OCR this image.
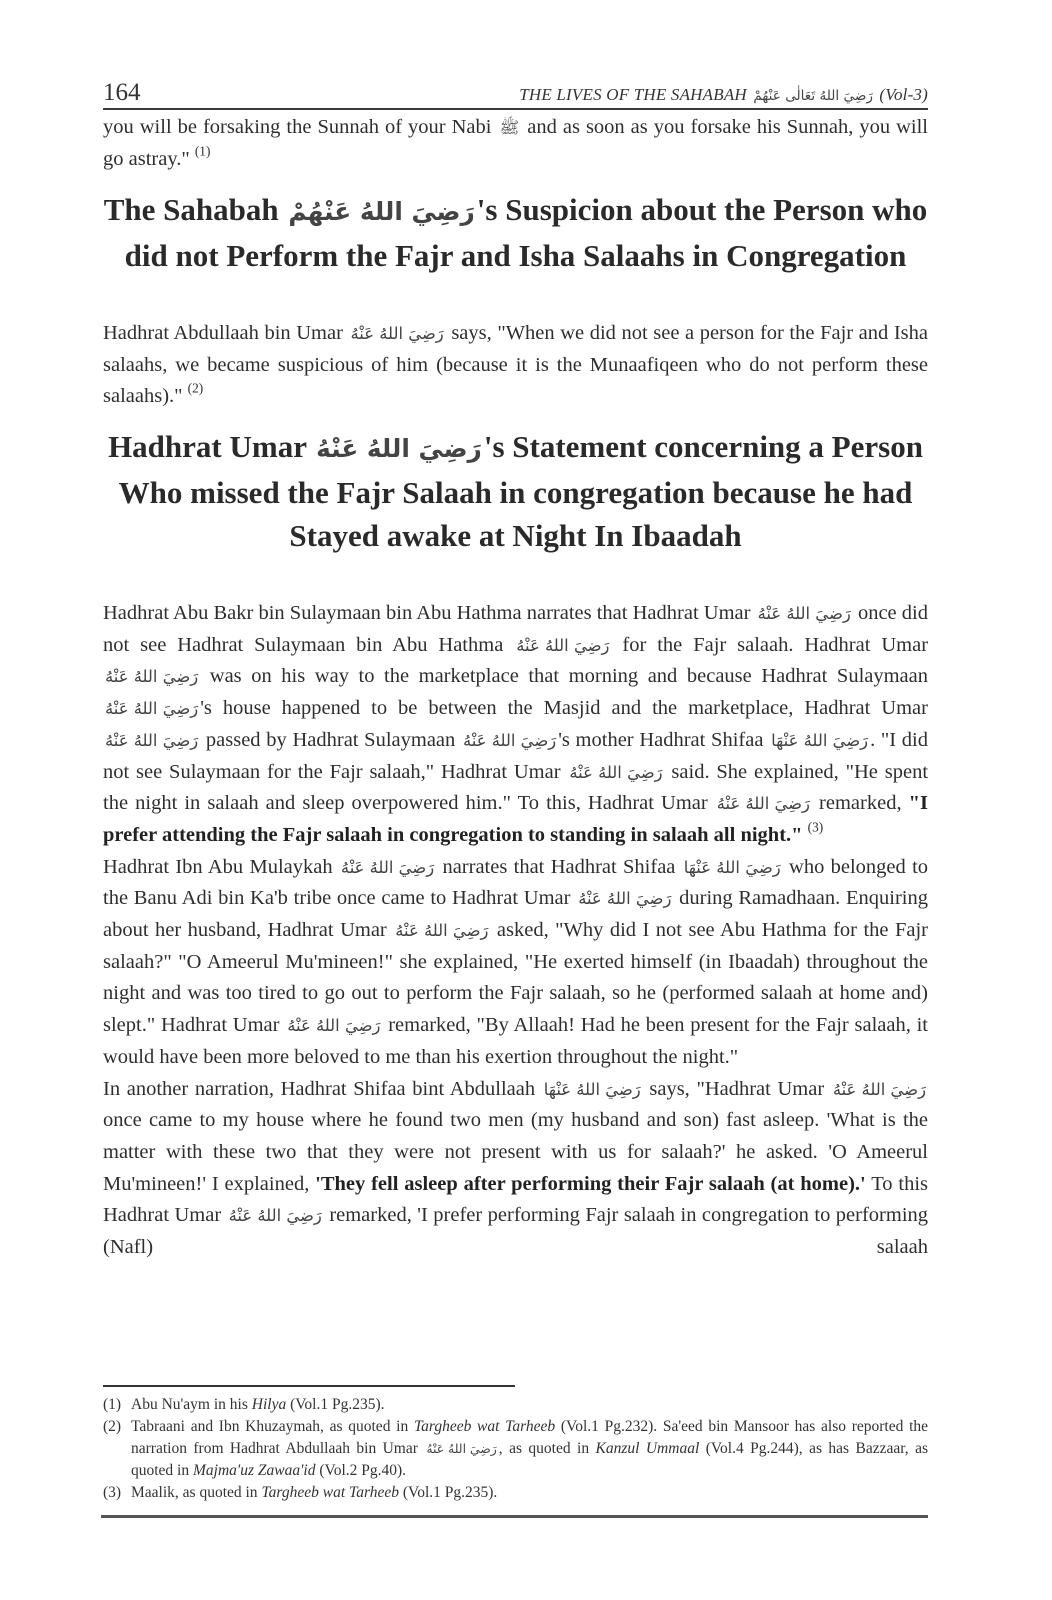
164	THE LIVES OF THE SAHABAH رَضِيَ اللهُ تَعَالٰى عَنْهُمْ (Vol-3)

you will be forsaking the Sunnah of your Nabi ﷺ and as soon as you forsake his Sunnah, you will go astray." $^{(1)}$

The Sahabah رَضِيَ اللهُ عَنْهُمْ's Suspicion about the Person who did not Perform the Fajr and Isha Salaahs in Congregation

Hadhrat Abdullaah bin Umar رَضِيَ اللهُ عَنْهُ says, "When we did not see a person for the Fajr and Isha salaahs, we became suspicious of him (because it is the Munaafiqeen who do not perform these salaahs)." $^{(2)}$

Hadhrat Umar رَضِيَ اللهُ عَنْهُ's Statement concerning a Person Who missed the Fajr Salaah in congregation because he had Stayed awake at Night In Ibaadah

Hadhrat Abu Bakr bin Sulaymaan bin Abu Hathma narrates that Hadhrat Umar رَضِيَ اللهُ عَنْهُ once did not see Hadhrat Sulaymaan bin Abu Hathma رَضِيَ اللهُ عَنْهُ for the Fajr salaah. Hadhrat Umar رَضِيَ اللهُ عَنْهُ was on his way to the marketplace that morning and because Hadhrat Sulaymaan رَضِيَ اللهُ عَنْهُ's house happened to be between the Masjid and the marketplace, Hadhrat Umar رَضِيَ اللهُ عَنْهُ passed by Hadhrat Sulaymaan رَضِيَ اللهُ عَنْهُ's mother Hadhrat Shifaa رَضِيَ اللهُ عَنْهَا. "I did not see Sulaymaan for the Fajr salaah," Hadhrat Umar رَضِيَ اللهُ عَنْهُ said. She explained, "He spent the night in salaah and sleep overpowered him." To this, Hadhrat Umar رَضِيَ اللهُ عَنْهُ remarked, "I prefer attending the Fajr salaah in congregation to standing in salaah all night." $^{(3)}$

Hadhrat Ibn Abu Mulaykah رَضِيَ اللهُ عَنْهُ narrates that Hadhrat Shifaa رَضِيَ اللهُ عَنْهَا who belonged to the Banu Adi bin Ka'b tribe once came to Hadhrat Umar رَضِيَ اللهُ عَنْهُ during Ramadhaan. Enquiring about her husband, Hadhrat Umar رَضِيَ اللهُ عَنْهُ asked, "Why did I not see Abu Hathma for the Fajr salaah?" "O Ameerul Mu'mineen!" she explained, "He exerted himself (in Ibaadah) throughout the night and was too tired to go out to perform the Fajr salaah, so he (performed salaah at home and) slept." Hadhrat Umar رَضِيَ اللهُ عَنْهُ remarked, "By Allaah! Had he been present for the Fajr salaah, it would have been more beloved to me than his exertion throughout the night."

In another narration, Hadhrat Shifaa bint Abdullaah رَضِيَ اللهُ عَنْهَا says, "Hadhrat Umar رَضِيَ اللهُ عَنْهُ once came to my house where he found two men (my husband and son) fast asleep. 'What is the matter with these two that they were not present with us for salaah?' he asked. 'O Ameerul Mu'mineen!' I explained, 'They fell asleep after performing their Fajr salaah (at home).' To this Hadhrat Umar رَضِيَ اللهُ عَنْهُ remarked, 'I prefer performing Fajr salaah in congregation to performing (Nafl) salaah

(1) Abu Nu'aym in his Hilya (Vol.1 Pg.235).
(2) Tabraani and Ibn Khuzaymah, as quoted in Targheeb wat Tarheeb (Vol.1 Pg.232). Sa'eed bin Mansoor has also reported the narration from Hadhrat Abdullaah bin Umar رَضِيَ اللهُ عَنْهُ , as quoted in Kanzul Ummaal (Vol.4 Pg.244), as has Bazzaar, as quoted in Majma'uz Zawaa'id (Vol.2 Pg.40).
(3) Maalik, as quoted in Targheeb wat Tarheeb (Vol.1 Pg.235).
